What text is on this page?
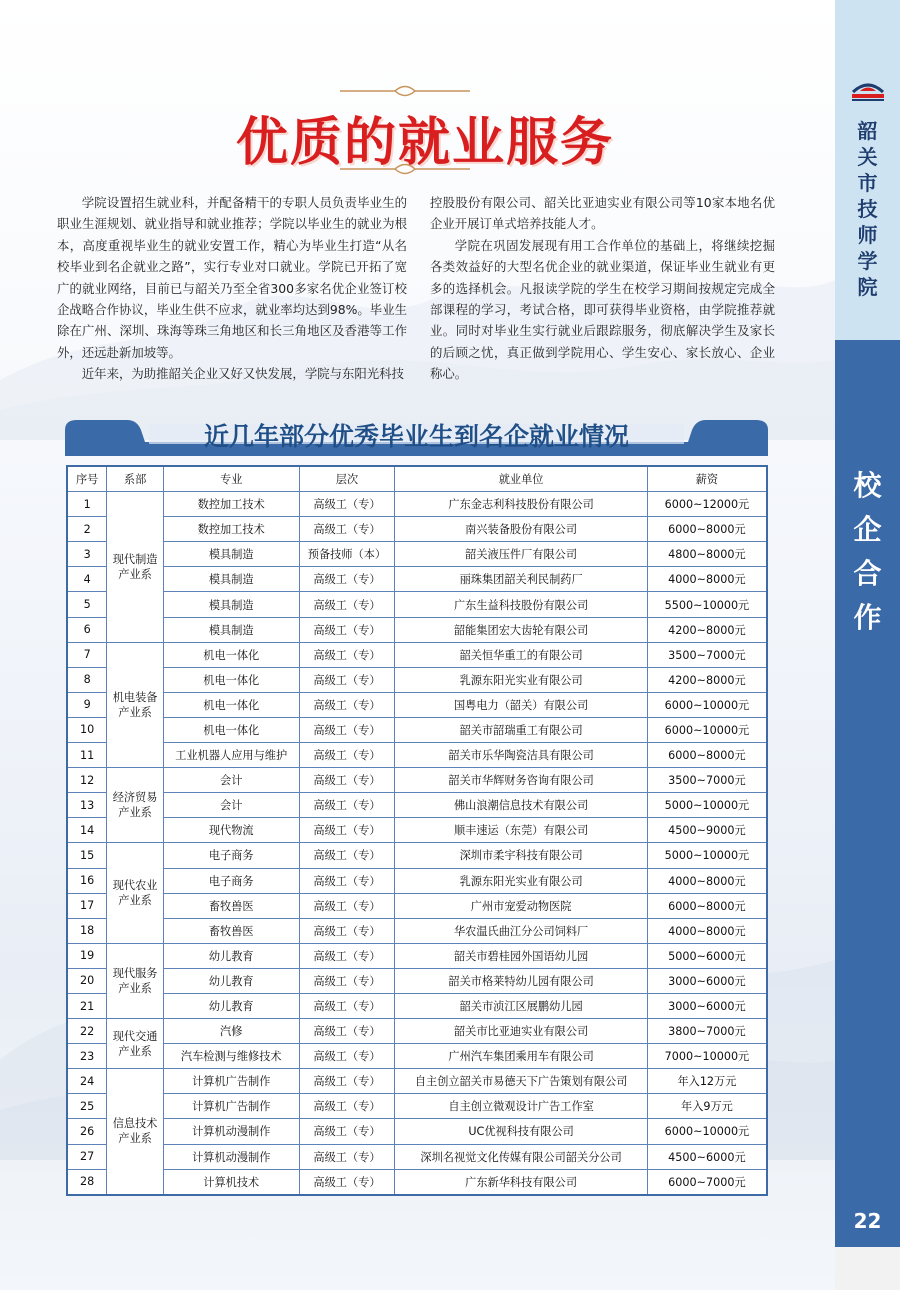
韶
关
市
技
师
学
院
校
企
合
作
22
优质的就业服务

学院设置招生就业科，并配备精干的专职人员负责毕业生的职业生涯规划、就业指导和就业推荐；学院以毕业生的就业为根本，高度重视毕业生的就业安置工作，精心为毕业生打造“从名校毕业到名企就业之路”，实行专业对口就业。学院已开拓了宽广的就业网络，目前已与韶关乃至全省300多家名优企业签订校企战略合作协议，毕业生供不应求，就业率均达到98%。毕业生除在广州、深圳、珠海等珠三角地区和长三角地区及香港等工作外，还远赴新加坡等。

近年来，为助推韶关企业又好又快发展，学院与东阳光科技

控股股份有限公司、韶关比亚迪实业有限公司等10家本地名优企业开展订单式培养技能人才。

学院在巩固发展现有用工合作单位的基础上，将继续挖掘各类效益好的大型名优企业的就业渠道，保证毕业生就业有更多的选择机会。凡报读学院的学生在校学习期间按规定完成全部课程的学习，考试合格，即可获得毕业资格，由学院推荐就业。同时对毕业生实行就业后跟踪服务，彻底解决学生及家长的后顾之忧，真正做到学院用心、学生安心、家长放心、企业称心。

近几年部分优秀毕业生到名企就业情况
序号	系部	专业	层次	就业单位	薪资
1	现代制造产业系	数控加工技术	高级工（专）	广东金志利科技股份有限公司	6000~12000元
2		数控加工技术	高级工（专）	南兴装备股份有限公司	6000~8000元
3		模具制造	预备技师（本）	韶关液压件厂有限公司	4800~8000元
4		模具制造	高级工（专）	丽珠集团韶关利民制药厂	4000~8000元
5		模具制造	高级工（专）	广东生益科技股份有限公司	5500~10000元
6		模具制造	高级工（专）	韶能集团宏大齿轮有限公司	4200~8000元
7	机电装备产业系	机电一体化	高级工（专）	韶关恒华重工的有限公司	3500~7000元
8		机电一体化	高级工（专）	乳源东阳光实业有限公司	4200~8000元
9		机电一体化	高级工（专）	国粤电力（韶关）有限公司	6000~10000元
10		机电一体化	高级工（专）	韶关市韶瑞重工有限公司	6000~10000元
11		工业机器人应用与维护	高级工（专）	韶关市乐华陶瓷洁具有限公司	6000~8000元
12	经济贸易产业系	会计	高级工（专）	韶关市华辉财务咨询有限公司	3500~7000元
13		会计	高级工（专）	佛山浪潮信息技术有限公司	5000~10000元
14		现代物流	高级工（专）	顺丰速运（东莞）有限公司	4500~9000元
15	现代农业产业系	电子商务	高级工（专）	深圳市柔宇科技有限公司	5000~10000元
16		电子商务	高级工（专）	乳源东阳光实业有限公司	4000~8000元
17		畜牧兽医	高级工（专）	广州市宠爱动物医院	6000~8000元
18		畜牧兽医	高级工（专）	华农温氏曲江分公司饲料厂	4000~8000元
19	现代服务产业系	幼儿教育	高级工（专）	韶关市碧桂园外国语幼儿园	5000~6000元
20		幼儿教育	高级工（专）	韶关市格莱特幼儿园有限公司	3000~6000元
21		幼儿教育	高级工（专）	韶关市浈江区展鹏幼儿园	3000~6000元
22	现代交通产业系	汽修	高级工（专）	韶关市比亚迪实业有限公司	3800~7000元
23		汽车检测与维修技术	高级工（专）	广州汽车集团乘用车有限公司	7000~10000元
24	信息技术产业系	计算机广告制作	高级工（专）	自主创立韶关市易德天下广告策划有限公司	年入12万元
25		计算机广告制作	高级工（专）	自主创立微观设计广告工作室	年入9万元
26		计算机动漫制作	高级工（专）	UC优视科技有限公司	6000~10000元
27		计算机动漫制作	高级工（专）	深圳名视觉文化传媒有限公司韶关分公司	4500~6000元
28		计算机技术	高级工（专）	广东新华科技有限公司	6000~7000元
